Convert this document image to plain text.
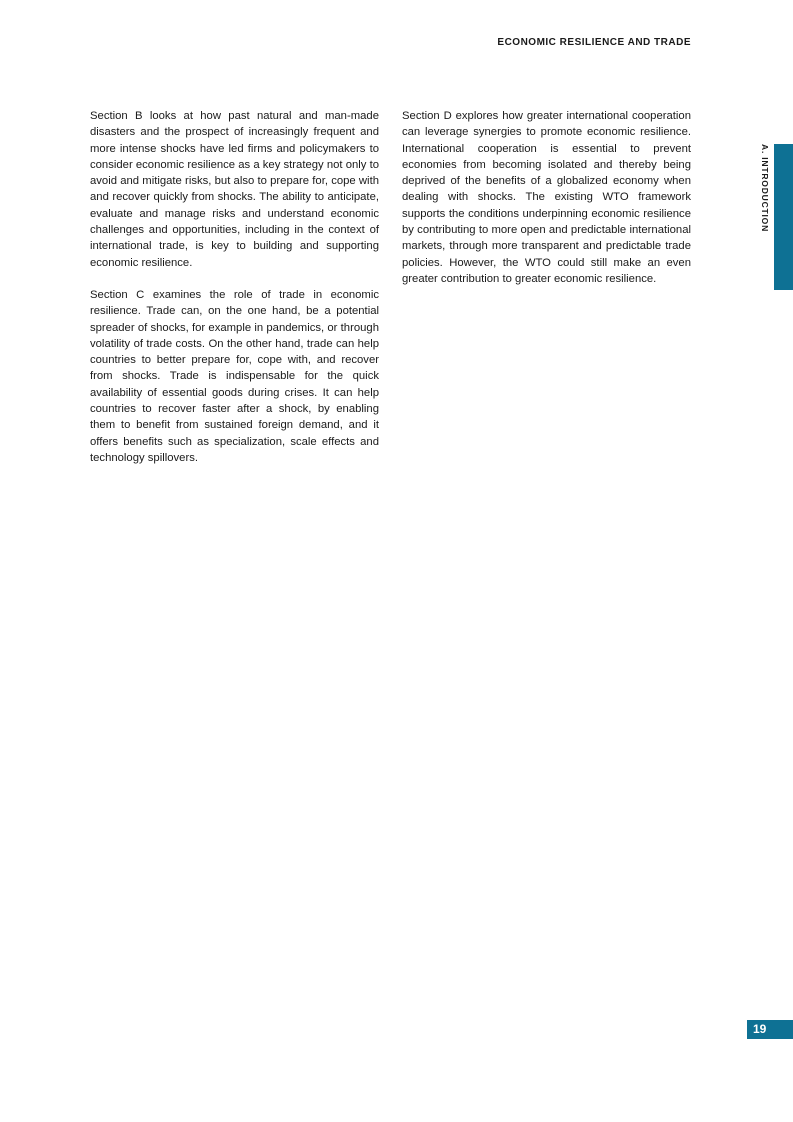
ECONOMIC RESILIENCE AND TRADE

Section B looks at how past natural and man-made disasters and the prospect of increasingly frequent and more intense shocks have led firms and policymakers to consider economic resilience as a key strategy not only to avoid and mitigate risks, but also to prepare for, cope with and recover quickly from shocks. The ability to anticipate, evaluate and manage risks and understand economic challenges and opportunities, including in the context of international trade, is key to building and supporting economic resilience.

Section C examines the role of trade in economic resilience. Trade can, on the one hand, be a potential spreader of shocks, for example in pandemics, or through volatility of trade costs. On the other hand, trade can help countries to better prepare for, cope with, and recover from shocks. Trade is indispensable for the quick availability of essential goods during crises. It can help countries to recover faster after a shock, by enabling them to benefit from sustained foreign demand, and it offers benefits such as specialization, scale effects and technology spillovers.

Section D explores how greater international cooperation can leverage synergies to promote economic resilience. International cooperation is essential to prevent economies from becoming isolated and thereby being deprived of the benefits of a globalized economy when dealing with shocks. The existing WTO framework supports the conditions underpinning economic resilience by contributing to more open and predictable international markets, through more transparent and predictable trade policies. However, the WTO could still make an even greater contribution to greater economic resilience.

A. INTRODUCTION
19
